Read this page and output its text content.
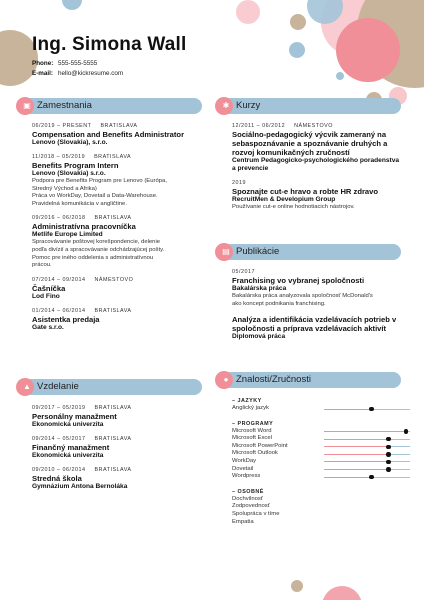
Ing. Simona Wall
Phone: 555-555-5555
E-mail: hello@kickresume.com
▣ Zamestnania
▲ Vzdelanie
✱ Kurzy
▤ Publikácie
● Znalosti/Zručnosti
06/2019 – PRESENT BRATISLAVA
Compensation and Benefits Administrator
Lenovo (Slovakia), s.r.o.
11/2018 – 05/2019 BRATISLAVA
Benefits Program Intern
Lenovo (Slovakia) s.r.o.
Podpora pre Benefits Program pre Lenovo (Európa,
Stredný Východ a Afrika)
Práca vo WorkDay, Dovetail a Data-Warehouse.
Pravidelná komunikácia v angličtine.
09/2016 – 06/2018 BRATISLAVA
Administratívna pracovníčka
Metlife Europe Limited
Spracovávanie poštovej korešpondencie, delenie
podľa divízií a spracovávanie odchádzajúcej pošty.
Pomoc pre iného oddelenia s administratívnou
prácou.
07/2014 – 09/2014 NÁMESTOVO
Čašníčka
Lod Fino
01/2014 – 06/2014 BRATISLAVA
Asistentka predaja
Gate s.r.o.
09/2017 – 05/2019 BRATISLAVA
Personálny manažment
Ekonomická univerzita
09/2014 – 05/2017 BRATISLAVA
Finančný manažment
Ekonomická univerzita
09/2010 – 06/2014 BRATISLAVA
Stredná škola
Gymnázium Antona Bernoláka
12/2011 – 06/2012 NÁMESTOVO
Sociálno-pedagogický výcvik zameraný na sebaspoznávanie a spoznávanie druhých a rozvoj komunikačných zručností
Centrum Pedagogicko-psychologického poradenstva a prevencie
2019
Spoznajte cut-e hravo a robte HR zdravo
RecruitMen & Developium Group
Používanie cut-e online hodnotiacich nástrojov.
05/2017
Franchising vo vybranej spoločnosti
Bakalárska práca
Bakalárska práca analyzovala spoločnosť McDonald's
ako koncept podnikania franchising.
Analýza a identifikácia vzdelávacích potrieb v spoločnosti a príprava vzdelávacích aktivít
Diplomová práca
– JAZYKY
Anglický jazyk
– PROGRAMY
Microsoft Word
Microsoft Excel
Microsoft PowerPoint
Microsoft Outlook
WorkDay
Dovetail
Wordpress
– OSOBNÉ
Dochvilnosť
Zodpovednosť
Spolupráca v tíme
Empatia
